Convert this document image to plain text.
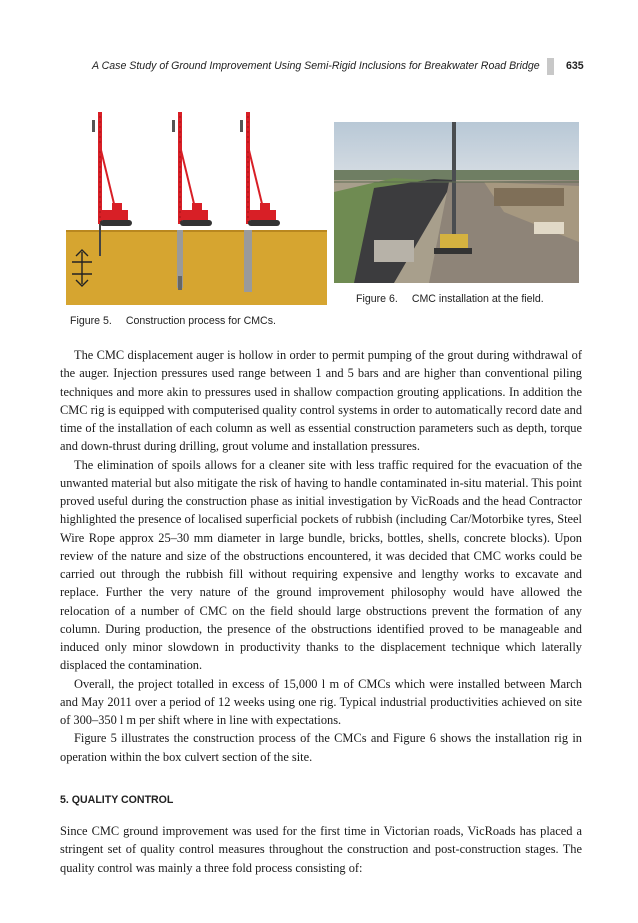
A Case Study of Ground Improvement Using Semi-Rigid Inclusions for Breakwater Road Bridge 635
Figure 6. CMC installation at the field.
Figure 5. Construction process for CMCs.

The CMC displacement auger is hollow in order to permit pumping of the grout during withdrawal of the auger. Injection pressures used range between 1 and 5 bars and are higher than conventional piling techniques and more akin to pressures used in shallow compaction grouting applications. In addition the CMC rig is equipped with computerised quality control systems in order to automatically record date and time of the installation of each column as well as essential construction parameters such as depth, torque and down-thrust during drilling, grout volume and installation pressures.

The elimination of spoils allows for a cleaner site with less traffic required for the evacuation of the unwanted material but also mitigate the risk of having to handle contaminated in-situ material. This point proved useful during the construction phase as initial investigation by VicRoads and the head Contractor highlighted the presence of localised superficial pockets of rubbish (including Car/Motorbike tyres, Steel Wire Rope approx 25–30 mm diameter in large bundle, bricks, bottles, shells, concrete blocks). Upon review of the nature and size of the obstructions encountered, it was decided that CMC works could be carried out through the rubbish fill without requiring expensive and lengthy works to excavate and replace. Further the very nature of the ground improvement philosophy would have allowed the relocation of a number of CMC on the field should large obstructions prevent the formation of any column. During production, the presence of the obstructions identified proved to be manageable and induced only minor slowdown in productivity thanks to the displacement technique which laterally displaced the contamination.

Overall, the project totalled in excess of 15,000 l m of CMCs which were installed between March and May 2011 over a period of 12 weeks using one rig. Typical industrial productivities achieved on site of 300–350 l m per shift where in line with expectations.

Figure 5 illustrates the construction process of the CMCs and Figure 6 shows the installation rig in operation within the box culvert section of the site.

5. QUALITY CONTROL

Since CMC ground improvement was used for the first time in Victorian roads, VicRoads has placed a stringent set of quality control measures throughout the construction and post-construction stages. The quality control was mainly a three fold process consisting of:
